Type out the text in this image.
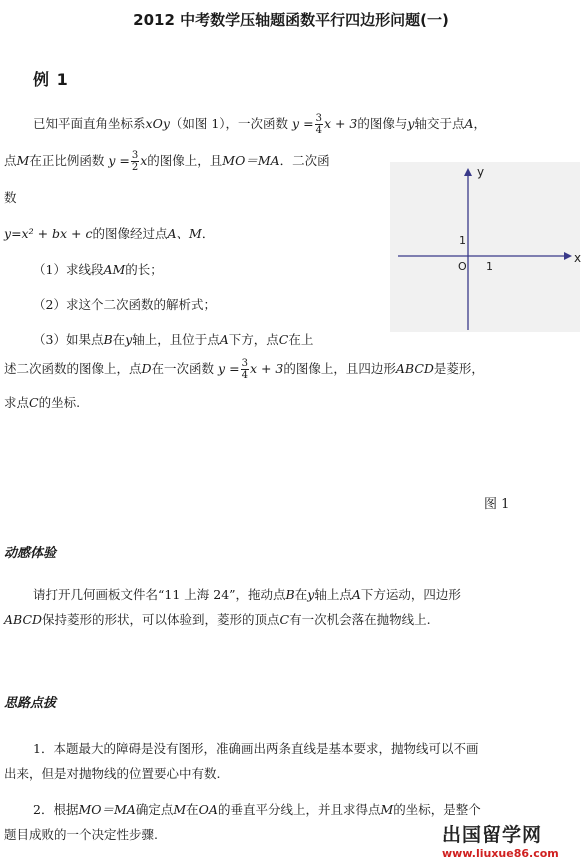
2012 中考数学压轴题函数平行四边形问题(一)
例 1
已知平面直角坐标系xOy（如图 1），一次函数 $y = \frac{3}{4}$ x + 3的图像与y轴交于点A，
点M在正比例函数 $y = \frac{3}{2}$ x的图像上，且MO＝MA．二次函
数
y=x² + bx + c的图像经过点A、M．
（1）求线段AM的长；
（2）求这个二次函数的解析式；
（3）如果点B在y轴上，且位于点A下方，点C在上
述二次函数的图像上，点D在一次函数 $y = \frac{3}{4}$ x + 3的图像上，且四边形ABCD是菱形，
求点C的坐标.
x
y
O 1
1
图 1
动感体验
请打开几何画板文件名“11 上海 24”，拖动点B在y轴上点A下方运动，四边形
ABCD保持菱形的形状，可以体验到，菱形的顶点C有一次机会落在抛物线上.
思路点拔
1．本题最大的障碍是没有图形，准确画出两条直线是基本要求，抛物线可以不画
出来，但是对抛物线的位置要心中有数.
2．根据MO＝MA确定点M在OA的垂直平分线上，并且求得点M的坐标，是整个
题目成败的一个决定性步骤.	出国留学网
www.liuxue86.com
